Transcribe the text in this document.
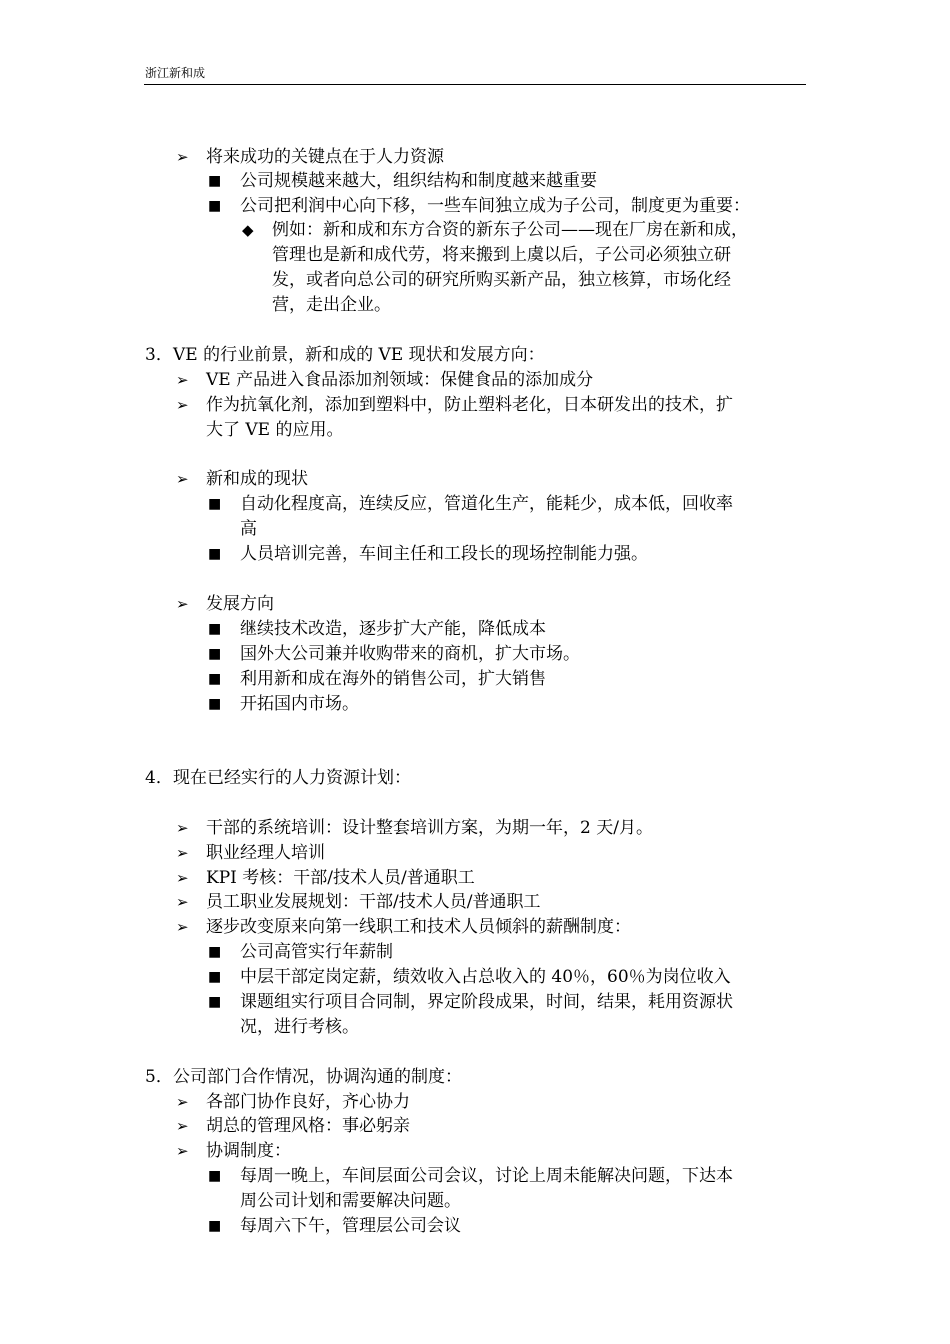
浙江新和成
➢ 将来成功的关键点在于人力资源
■ 公司规模越来越大，组织结构和制度越来越重要
■ 公司把利润中心向下移，一些车间独立成为子公司，制度更为重要：
◆ 例如：新和成和东方合资的新东子公司——现在厂房在新和成，
管理也是新和成代劳，将来搬到上虞以后，子公司必须独立研
发，或者向总公司的研究所购买新产品，独立核算，市场化经
营，走出企业。
3． VE 的行业前景，新和成的 VE 现状和发展方向：
➢ VE 产品进入食品添加剂领域：保健食品的添加成分
➢ 作为抗氧化剂，添加到塑料中，防止塑料老化，日本研发出的技术，扩
大了 VE 的应用。
➢ 新和成的现状
■ 自动化程度高，连续反应，管道化生产，能耗少，成本低，回收率
高
■ 人员培训完善，车间主任和工段长的现场控制能力强。
➢ 发展方向
■ 继续技术改造，逐步扩大产能，降低成本
■ 国外大公司兼并收购带来的商机，扩大市场。
■ 利用新和成在海外的销售公司，扩大销售
■ 开拓国内市场。
4． 现在已经实行的人力资源计划：
➢ 干部的系统培训：设计整套培训方案，为期一年，2 天/月。
➢ 职业经理人培训
➢ KPI 考核：干部/技术人员/普通职工
➢ 员工职业发展规划：干部/技术人员/普通职工
➢ 逐步改变原来向第一线职工和技术人员倾斜的薪酬制度：
■ 公司高管实行年薪制
■ 中层干部定岗定薪，绩效收入占总收入的 40％，60％为岗位收入
■ 课题组实行项目合同制，界定阶段成果，时间，结果，耗用资源状
况，进行考核。
5． 公司部门合作情况，协调沟通的制度：
➢ 各部门协作良好，齐心协力
➢ 胡总的管理风格：事必躬亲
➢ 协调制度：
■ 每周一晚上，车间层面公司会议，讨论上周未能解决问题，下达本
周公司计划和需要解决问题。
■ 每周六下午，管理层公司会议
